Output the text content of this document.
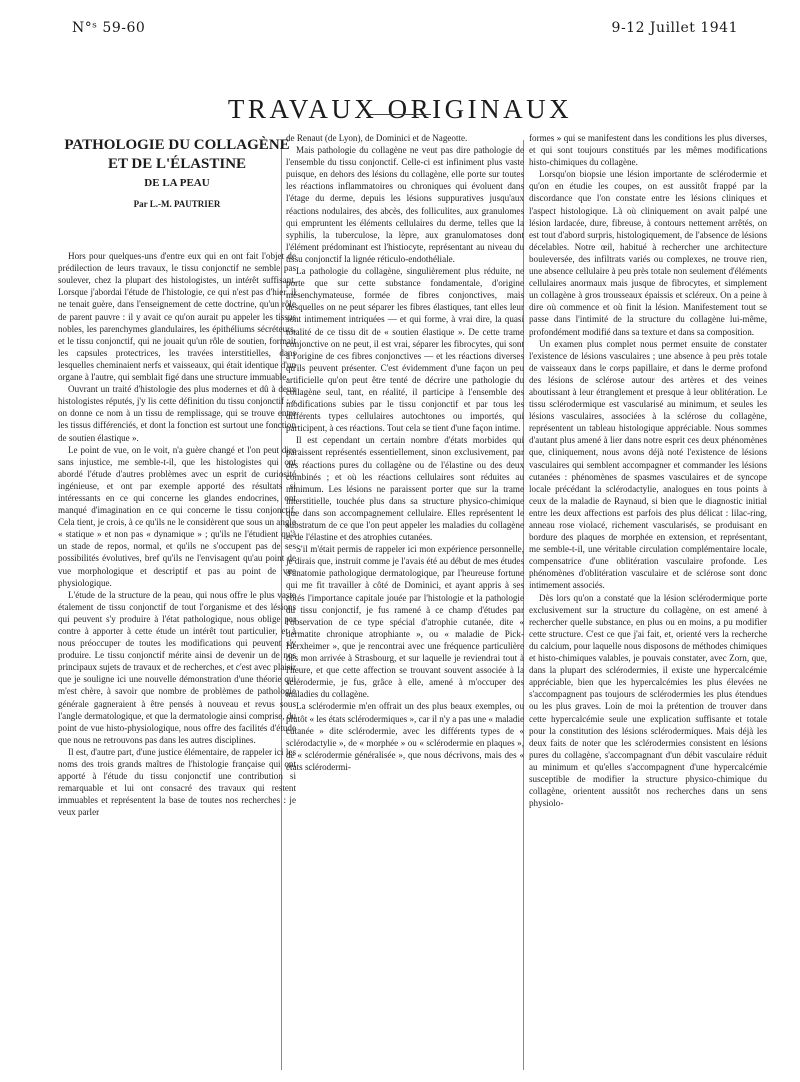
N°ˢ 59-60	9-12 Juillet 1941
TRAVAUX ORIGINAUX
PATHOLOGIE DU COLLAGÈNE
ET DE L'ÉLASTINE
DE LA PEAU
Par L.-M. PAUTRIER

Hors pour quelques-uns d'entre eux qui en ont fait l'objet de prédilection de leurs travaux, le tissu conjonctif ne semble pas soulever, chez la plupart des histologistes, un intérêt suffisant. Lorsque j'abordai l'étude de l'histologie, ce qui n'est pas d'hier, il ne tenait guère, dans l'enseignement de cette doctrine, qu'un rôle de parent pauvre : il y avait ce qu'on aurait pu appeler les tissus nobles, les parenchymes glandulaires, les épithéliums sécréteurs, et le tissu conjonctif, qui ne jouait qu'un rôle de soutien, formait les capsules protectrices, les travées interstitielles, dans lesquelles cheminaient nerfs et vaisseaux, qui était identique d'un organe à l'autre, qui semblait figé dans une structure immuable.

Ouvrant un traité d'histologie des plus modernes et dû à deux histologistes réputés, j'y lis cette définition du tissu conjonctif : « on donne ce nom à un tissu de remplissage, qui se trouve entre les tissus différenciés, et dont la fonction est surtout une fonction de soutien élastique ».

Le point de vue, on le voit, n'a guère changé et l'on peut dire sans injustice, me semble-t-il, que les histologistes qui ont abordé l'étude d'autres problèmes avec un esprit de curiosité ingénieuse, et ont par exemple apporté des résultats si intéressants en ce qui concerne les glandes endocrines, ont manqué d'imagination en ce qui concerne le tissu conjonctif. Cela tient, je crois, à ce qu'ils ne le considèrent que sous un angle « statique » et non pas « dynamique » ; qu'ils ne l'étudient qu'à un stade de repos, normal, et qu'ils ne s'occupent pas de ses possibilités évolutives, bref qu'ils ne l'envisagent qu'au point de vue morphologique et descriptif et pas au point de vue physiologique.

L'étude de la structure de la peau, qui nous offre le plus vaste étalement de tissu conjonctif de tout l'organisme et des lésions qui peuvent s'y produire à l'état pathologique, nous oblige par contre à apporter à cette étude un intérêt tout particulier, et à nous préoccuper de toutes les modifications qui peuvent s'y produire. Le tissu conjonctif mérite ainsi de devenir un de nos principaux sujets de travaux et de recherches, et c'est avec plaisir que je souligne ici une nouvelle démonstration d'une théorie qui m'est chère, à savoir que nombre de problèmes de pathologie générale gagneraient à être pensés à nouveau et revus sous l'angle dermatologique, et que la dermatologie ainsi comprise, du point de vue histo-physiologique, nous offre des facilités d'étude que nous ne retrouvons pas dans les autres disciplines.

Il est, d'autre part, d'une justice élémentaire, de rappeler ici les noms des trois grands maîtres de l'histologie française qui ont apporté à l'étude du tissu conjonctif une contribution si remarquable et lui ont consacré des travaux qui restent immuables et représentent la base de toutes nos recherches : je veux parler

de Renaut (de Lyon), de Dominici et de Nageotte.

Mais pathologie du collagène ne veut pas dire pathologie de l'ensemble du tissu conjonctif. Celle-ci est infiniment plus vaste puisque, en dehors des lésions du collagène, elle porte sur toutes les réactions inflammatoires ou chroniques qui évoluent dans l'étage du derme, depuis les lésions suppuratives jusqu'aux réactions nodulaires, des abcès, des folliculites, aux granulomes qui empruntent les éléments cellulaires du derme, telles que la syphilis, la tuberculose, la lèpre, aux granulomatoses dont l'élément prédominant est l'histiocyte, représentant au niveau du tissu conjonctif la lignée réticulo-endothéliale.

La pathologie du collagène, singulièrement plus réduite, ne porte que sur cette substance fondamentale, d'origine mésenchymateuse, formée de fibres conjonctives, mais desquelles on ne peut séparer les fibres élastiques, tant elles leur sont intimement intriquées — et qui forme, à vrai dire, la quasi totalité de ce tissu dit de « soutien élastique ». De cette trame conjonctive on ne peut, il est vrai, séparer les fibrocytes, qui sont à l'origine de ces fibres conjonctives — et les réactions diverses qu'ils peuvent présenter. C'est évidemment d'une façon un peu artificielle qu'on peut être tenté de décrire une pathologie du collagène seul, tant, en réalité, il participe à l'ensemble des modifications subies par le tissu conjonctif et par tous les différents types cellulaires autochtones ou importés, qui participent, à ces réactions. Tout cela se tient d'une façon intime.

Il est cependant un certain nombre d'états morbides qui paraissent représentés essentiellement, sinon exclusivement, par des réactions pures du collagène ou de l'élastine ou des deux combinés ; et où les réactions cellulaires sont réduites au minimum. Les lésions ne paraissent porter que sur la trame interstitielle, touchée plus dans sa structure physico-chimique que dans son accompagnement cellulaire. Elles représentent le substratum de ce que l'on peut appeler les maladies du collagène et de l'élastine et des atrophies cutanées.

S'il m'était permis de rappeler ici mon expérience personnelle, je dirais que, instruit comme je l'avais été au début de mes études d'anatomie pathologique dermatologique, par l'heureuse fortune qui me fit travailler à côté de Dominici, et ayant appris à ses côtés l'importance capitale jouée par l'histologie et la pathologie du tissu conjonctif, je fus ramené à ce champ d'études par l'observation de ce type spécial d'atrophie cutanée, dite « dermatite chronique atrophiante », ou « maladie de Pick-Herxheimer », que je rencontrai avec une fréquence particulière dès mon arrivée à Strasbourg, et sur laquelle je reviendrai tout à l'heure, et que cette affection se trouvant souvent associée à la sclérodermie, je fus, grâce à elle, amené à m'occuper des maladies du collagène.

La sclérodermie m'en offrait un des plus beaux exemples, ou plutôt « les états sclérodermiques », car il n'y a pas une « maladie cutanée » dite sclérodermie, avec les différents types de « sclérodactylie », de « morphée » ou « sclérodermie en plaques », de « sclérodermie généralisée », que nous décrivons, mais des « états sclérodermi-

formes » qui se manifestent dans les conditions les plus diverses, et qui sont toujours constitués par les mêmes modifications histo-chimiques du collagène.

Lorsqu'on biopsie une lésion importante de sclérodermie et qu'on en étudie les coupes, on est aussitôt frappé par la discordance que l'on constate entre les lésions cliniques et l'aspect histologique. Là où cliniquement on avait palpé une lésion lardacée, dure, fibreuse, à contours nettement arrêtés, on est tout d'abord surpris, histologiquement, de l'absence de lésions décelables. Notre œil, habitué à rechercher une architecture bouleversée, des infiltrats variés ou complexes, ne trouve rien, une absence cellulaire à peu près totale non seulement d'éléments cellulaires anormaux mais jusque de fibrocytes, et simplement un collagène à gros trousseaux épaissis et scléreux. On a peine à dire où commence et où finit la lésion. Manifestement tout se passe dans l'intimité de la structure du collagène lui-même, profondément modifié dans sa texture et dans sa composition.

Un examen plus complet nous permet ensuite de constater l'existence de lésions vasculaires ; une absence à peu près totale de vaisseaux dans le corps papillaire, et dans le derme profond des lésions de sclérose autour des artères et des veines aboutissant à leur étranglement et presque à leur oblitération. Le tissu sclérodermique est vascularisé au minimum, et seules les lésions vasculaires, associées à la sclérose du collagène, représentent un tableau histologique appréciable. Nous sommes d'autant plus amené à lier dans notre esprit ces deux phénomènes que, cliniquement, nous avons déjà noté l'existence de lésions vasculaires qui semblent accompagner et commander les lésions cutanées : phénomènes de spasmes vasculaires et de syncope locale précédant la sclérodactylie, analogues en tous points à ceux de la maladie de Raynaud, si bien que le diagnostic initial entre les deux affections est parfois des plus délicat : lilac-ring, anneau rose violacé, richement vascularisés, se produisant en bordure des plaques de morphée en extension, et représentant, me semble-t-il, une véritable circulation complémentaire locale, compensatrice d'une oblitération vasculaire profonde. Les phénomènes d'oblitération vasculaire et de sclérose sont donc intimement associés.

Dès lors qu'on a constaté que la lésion sclérodermique porte exclusivement sur la structure du collagène, on est amené à rechercher quelle substance, en plus ou en moins, a pu modifier cette structure. C'est ce que j'ai fait, et, orienté vers la recherche du calcium, pour laquelle nous disposons de méthodes chimiques et histo-chimiques valables, je pouvais constater, avec Zorn, que, dans la plupart des sclérodermies, il existe une hypercalcémie appréciable, bien que les hypercalcémies les plus élevées ne s'accompagnent pas toujours de sclérodermies les plus étendues ou les plus graves. Loin de moi la prétention de trouver dans cette hypercalcémie seule une explication suffisante et totale pour la constitution des lésions sclérodermiques. Mais déjà les deux faits de noter que les sclérodermies consistent en lésions pures du collagène, s'accompagnant d'un débit vasculaire réduit au minimum et qu'elles s'accompagnent d'une hypercalcémie susceptible de modifier la structure physico-chimique du collagène, orientent aussitôt nos recherches dans un sens physiolo-
